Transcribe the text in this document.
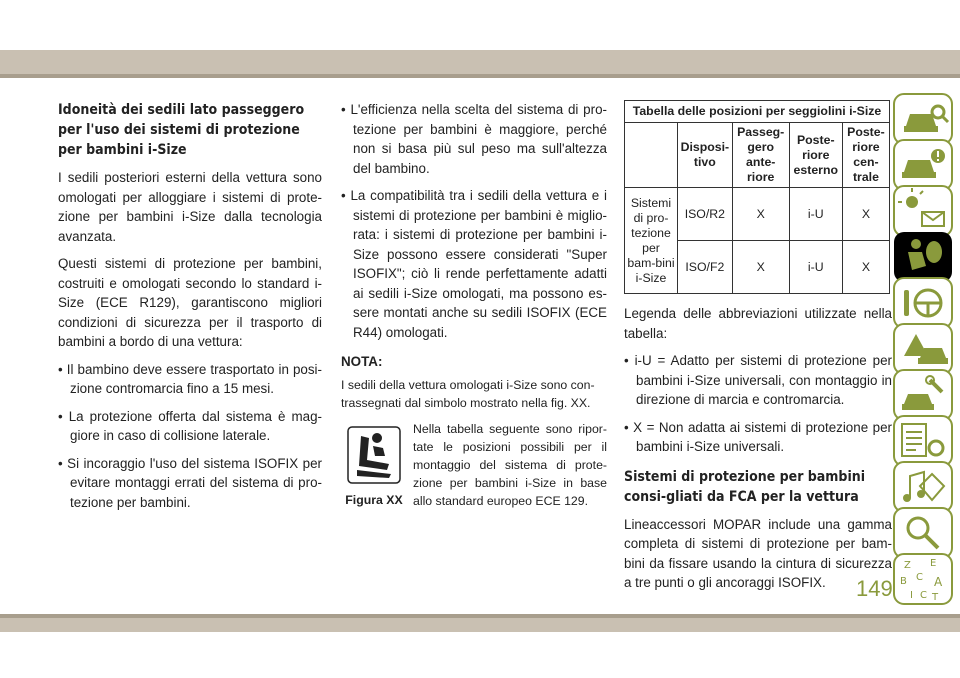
Idoneità dei sedili lato passeggero per l'uso dei sistemi di protezione per bambini i-Size

I sedili posteriori esterni della vettura sono omologati per alloggiare i sistemi di prote-zione per bambini i-Size dalla tecnologia avanzata.

Questi sistemi di protezione per bambini, costruiti e omologati secondo lo standard i-Size (ECE R129), garantiscono migliori condizioni di sicurezza per il trasporto di bambini a bordo di una vettura:

• Il bambino deve essere trasportato in posi-zione contromarcia fino a 15 mesi.
• La protezione offerta dal sistema è mag-giore in caso di collisione laterale.
• Si incoraggio l'uso del sistema ISOFIX per evitare montaggi errati del sistema di pro-tezione per bambini.
• L'efficienza nella scelta del sistema di pro-tezione per bambini è maggiore, perché non si basa più sul peso ma sull'altezza del bambino.
• La compatibilità tra i sedili della vettura e i sistemi di protezione per bambini è miglio-rata: i sistemi di protezione per bambini i-Size possono essere considerati "Super ISOFIX"; ciò li rende perfettamente adatti ai sedili i-Size omologati, ma possono es-sere montati anche su sedili ISOFIX (ECE R44) omologati.
NOTA:
I sedili della vettura omologati i-Size sono con-trassegnati dal simbolo mostrato nella fig. XX.
Figura XX
Nella tabella seguente sono ripor-tate le posizioni possibili per il montaggio del sistema di prote-zione per bambini i-Size in base allo standard europeo ECE 129.
Tabella delle posizioni per seggiolini i-Size				
	Disposi-tivo	Passeg-gero ante-riore	Poste-riore esterno	Poste-riore cen-trale
Sistemi di pro-tezione per bam-bini i-Size	ISO/R2	X	i-U	X
	ISO/F2	X	i-U	X

Legenda delle abbreviazioni utilizzate nella tabella:

• i-U = Adatto per sistemi di protezione per bambini i-Size universali, con montaggio in direzione di marcia e contromarcia.
• X = Non adatta ai sistemi di protezione per bambini i-Size universali.
Sistemi di protezione per bambini consi-gliati da FCA per la vettura

Lineaccessori MOPAR include una gamma completa di sistemi di protezione per bam-bini da fissare usando la cintura di sicurezza a tre punti o gli ancoraggi ISOFIX.

Z E
B C A
I C T
149
